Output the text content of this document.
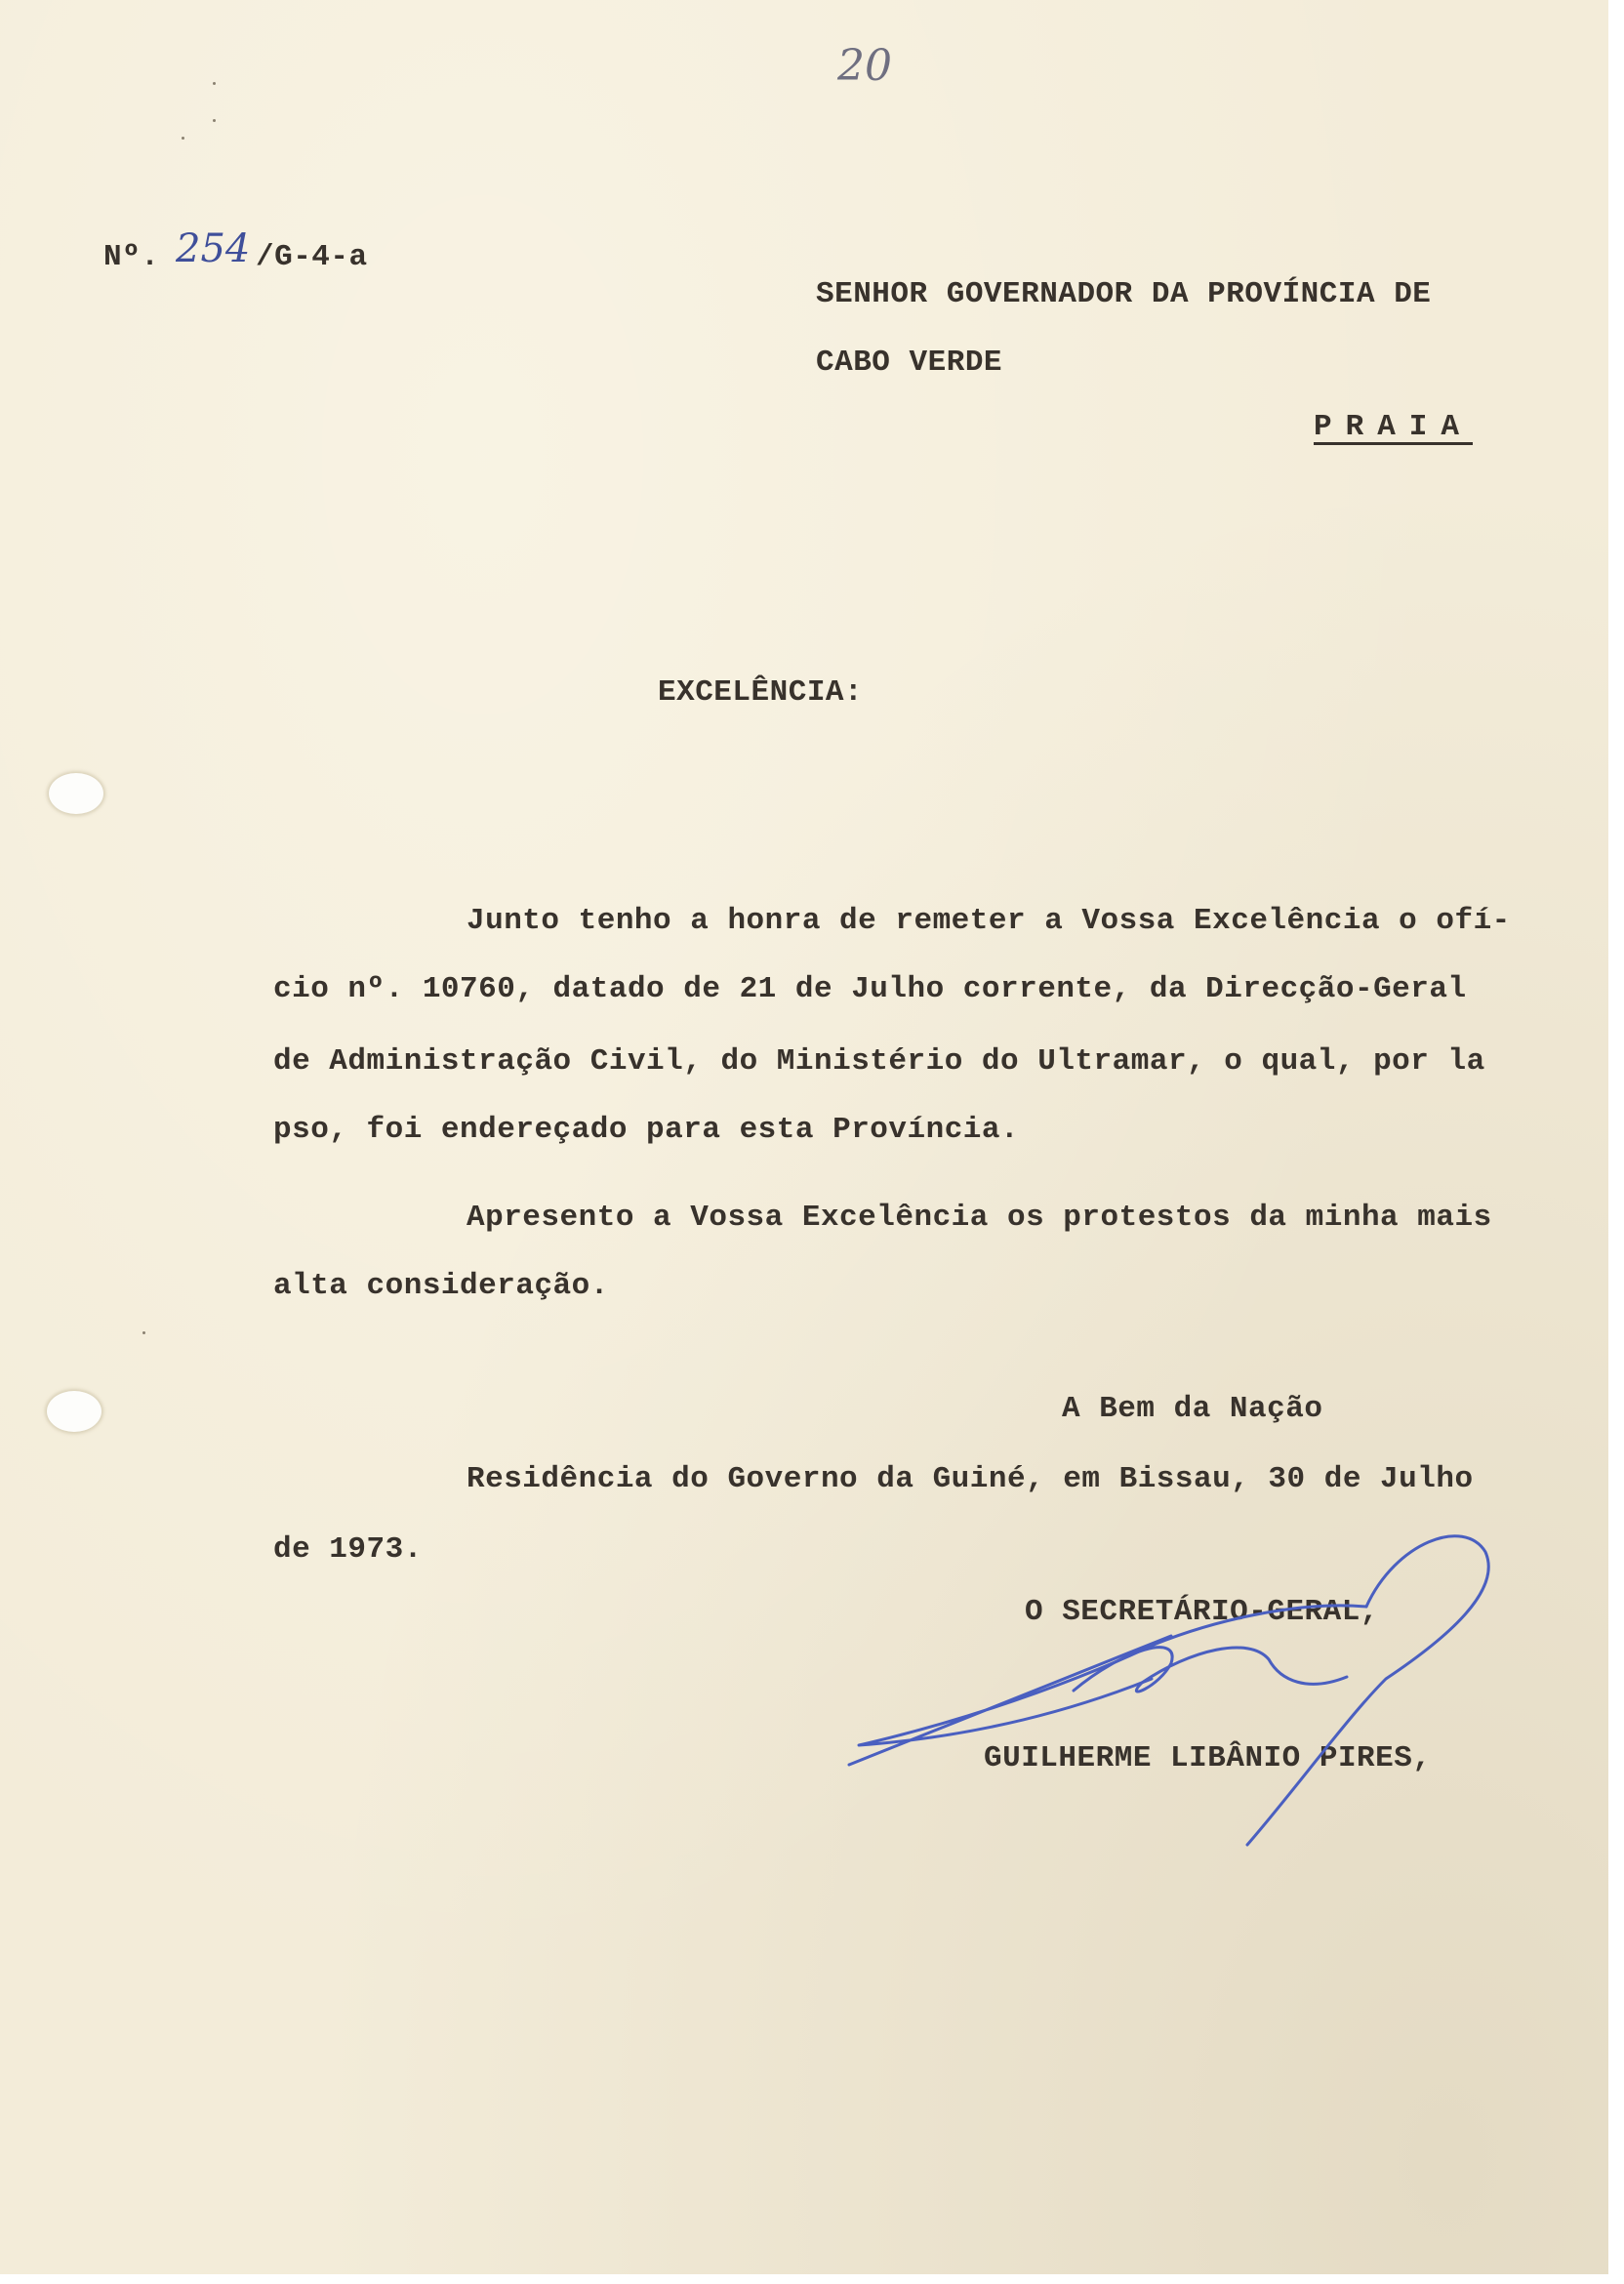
20
Nº. 254 /G-4-a
SENHOR GOVERNADOR DA PROVÍNCIA DE
CABO VERDE
PRAIA
EXCELÊNCIA:
Junto tenho a honra de remeter a Vossa Excelência o ofí-
cio nº. 10760, datado de 21 de Julho corrente, da Direcção-Geral
de Administração Civil, do Ministério do Ultramar, o qual, por la
pso, foi endereçado para esta Província.
Apresento a Vossa Excelência os protestos da minha mais
alta consideração.
A Bem da Nação
Residência do Governo da Guiné, em Bissau, 30 de Julho
de 1973.
O SECRETÁRIO-GERAL,
GUILHERME LIBÂNIO PIRES,
